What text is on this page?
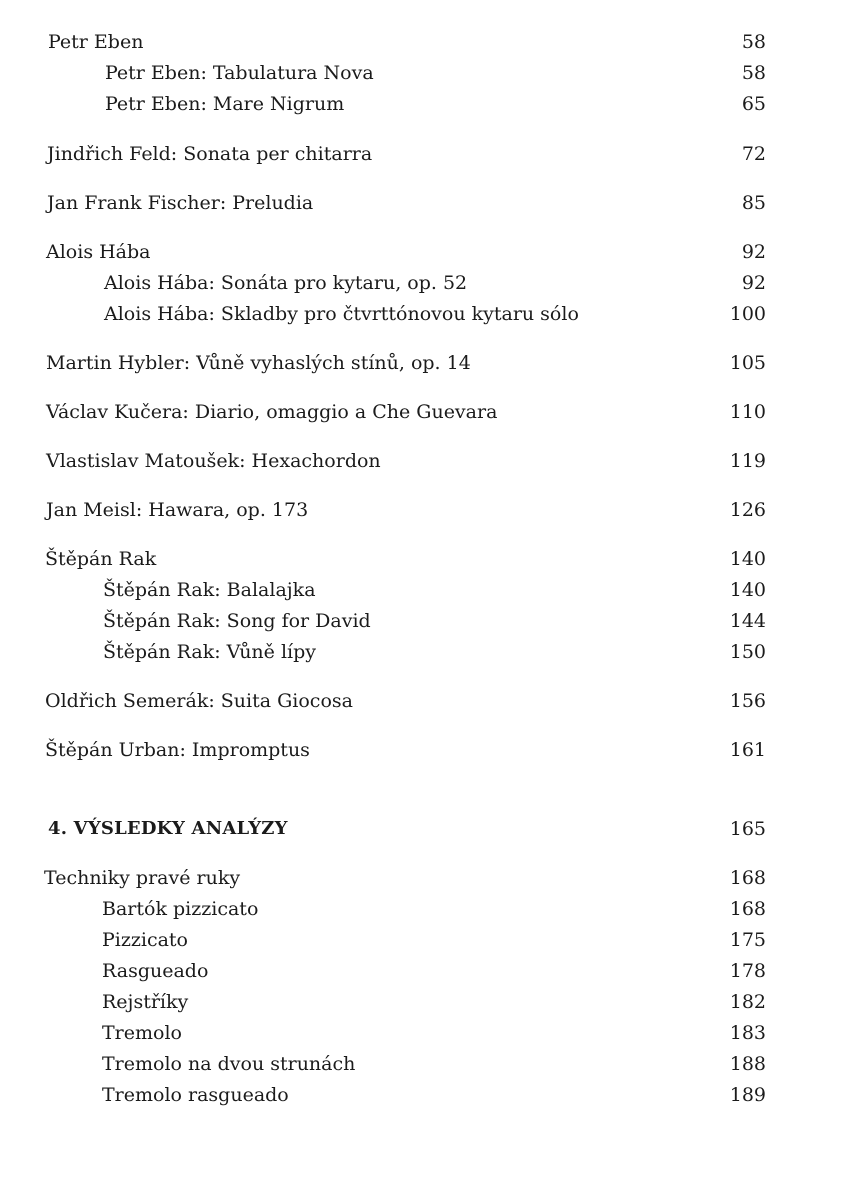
Petr Eben	58
Petr Eben: Tabulatura Nova	58
Petr Eben: Mare Nigrum	65
Jindřich Feld: Sonata per chitarra	72
Jan Frank Fischer: Preludia	85
Alois Hába	92
Alois Hába: Sonáta pro kytaru, op. 52	92
Alois Hába: Skladby pro čtvrttónovou kytaru sólo	100
Martin Hybler: Vůně vyhaslých stínů, op. 14	105
Václav Kučera: Diario, omaggio a Che Guevara	110
Vlastislav Matoušek: Hexachordon	119
Jan Meisl: Hawara, op. 173	126
Štěpán Rak	140
Štěpán Rak: Balalajka	140
Štěpán Rak: Song for David	144
Štěpán Rak: Vůně lípy	150
Oldřich Semerák: Suita Giocosa	156
Štěpán Urban: Impromptus	161
4. VÝSLEDKY ANALÝZY	165
Techniky pravé ruky	168
Bartók pizzicato	168
Pizzicato	175
Rasgueado	178
Rejstříky	182
Tremolo	183
Tremolo na dvou strunách	188
Tremolo rasgueado	189
